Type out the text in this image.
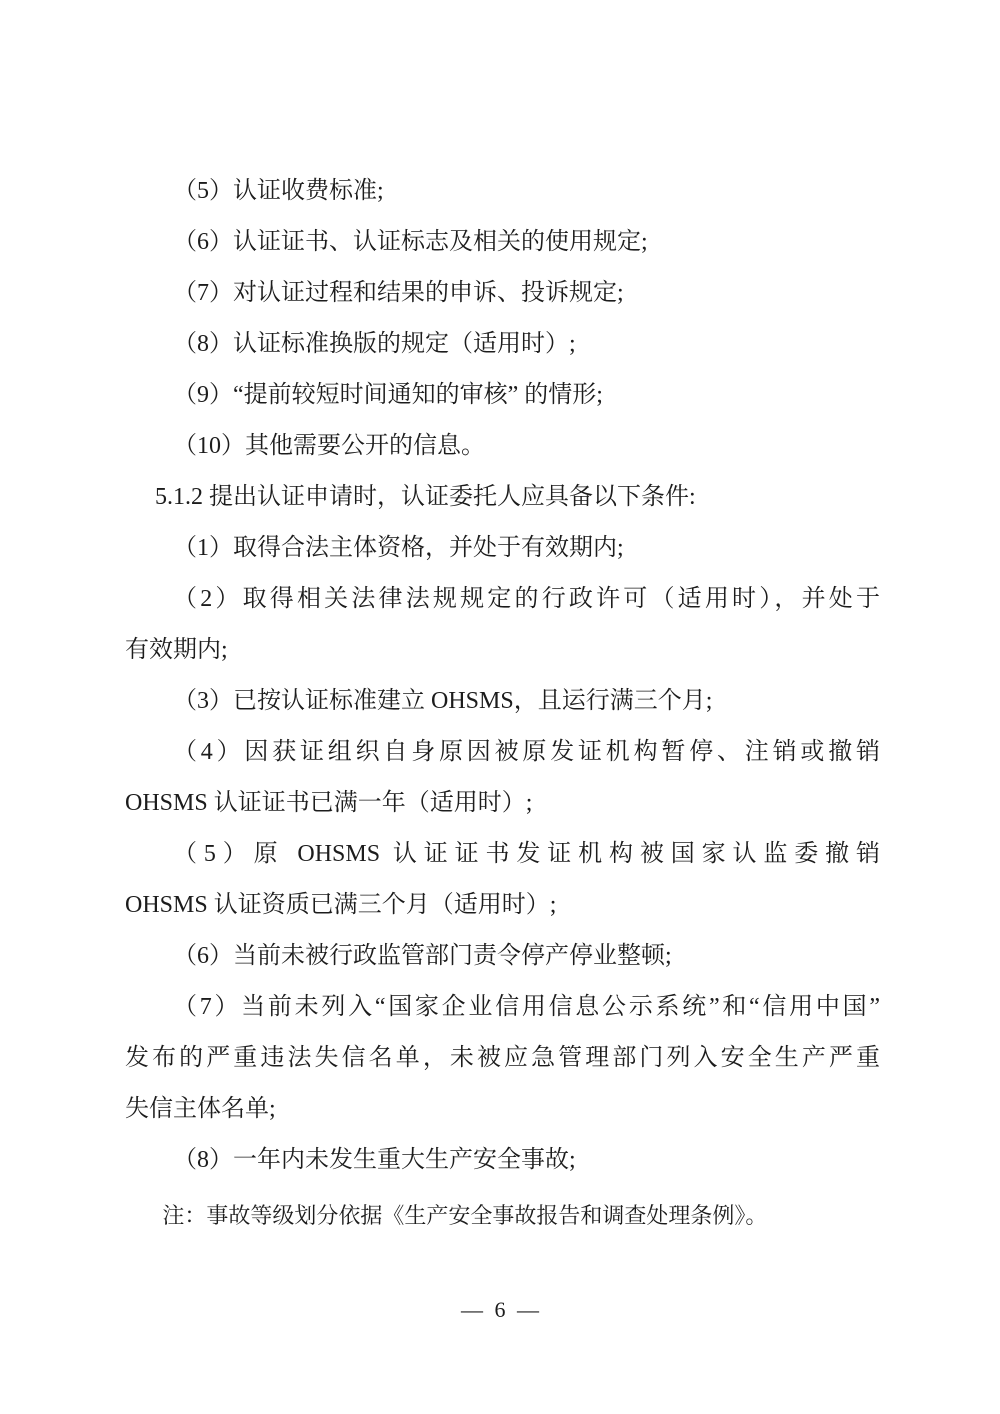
（5）认证收费标准;
（6）认证证书、认证标志及相关的使用规定;
（7）对认证过程和结果的申诉、投诉规定;
（8）认证标准换版的规定（适用时）;
（9）“提前较短时间通知的审核” 的情形;
（10）其他需要公开的信息。
5.1.2 提出认证申请时，认证委托人应具备以下条件:
（1）取得合法主体资格，并处于有效期内;
（2）取得相关法律法规规定的行政许可（适用时），并处于
有效期内;
（3）已按认证标准建立 OHSMS，且运行满三个月;
（4）因获证组织自身原因被原发证机构暂停、注销或撤销
OHSMS 认证证书已满一年（适用时）;
（5）原 OHSMS 认证证书发证机构被国家认监委撤销
OHSMS 认证资质已满三个月（适用时）;
（6）当前未被行政监管部门责令停产停业整顿;
（7）当前未列入“国家企业信用信息公示系统”和“信用中国”
发布的严重违法失信名单，未被应急管理部门列入安全生产严重
失信主体名单;
（8）一年内未发生重大生产安全事故;
注：事故等级划分依据《生产安全事故报告和调查处理条例》。
— 6 —
